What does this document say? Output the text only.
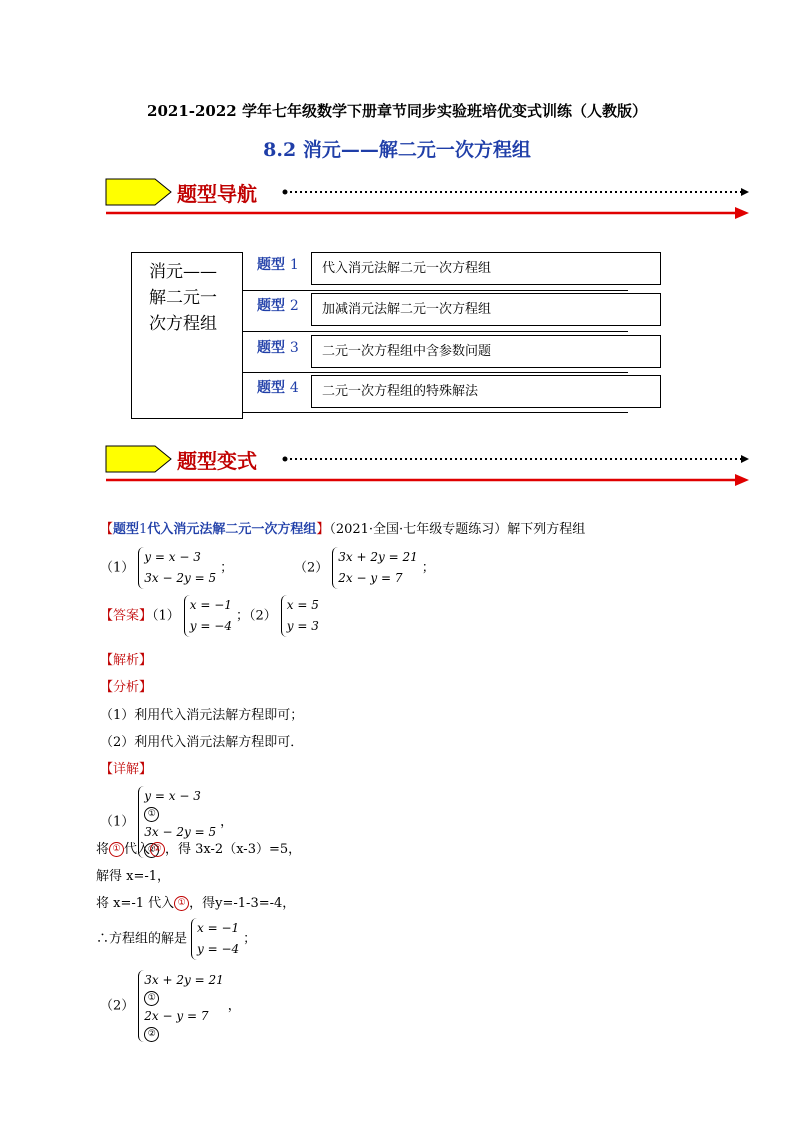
2021-2022 学年七年级数学下册章节同步实验班培优变式训练（人教版）
8.2 消元——解二元一次方程组
题型导航
消元——
解二元一
次方程组
题型 1	代入消元法解二元一次方程组
题型 2	加减消元法解二元一次方程组
题型 3	二元一次方程组中含参数问题
题型 4	二元一次方程组的特殊解法
题型变式
【题型1代入消元法解二元一次方程组】（2021·全国·七年级专题练习）解下列方程组
（1）
y = x − 3
3x − 2y = 5
；	（2）
3x + 2y = 21
2x − y = 7
；
【答案】（1）
x = −1
y = −4
；（2）
x = 5
y = 3
【解析】
【分析】
（1）利用代入消元法解方程即可；
（2）利用代入消元法解方程即可．
【详解】
（1）
y = x − 3
①
3x − 2y = 5
②
，
将 ① 代入 ② ，得 3x-2（x-3）=5，
解得 x=-1，
将 x=-1 代入 ① ，得y=-1-3=-4，
∴方程组的解是
x = −1
y = −4
；
（2）
3x + 2y = 21
①
2x − y = 7
②
，
